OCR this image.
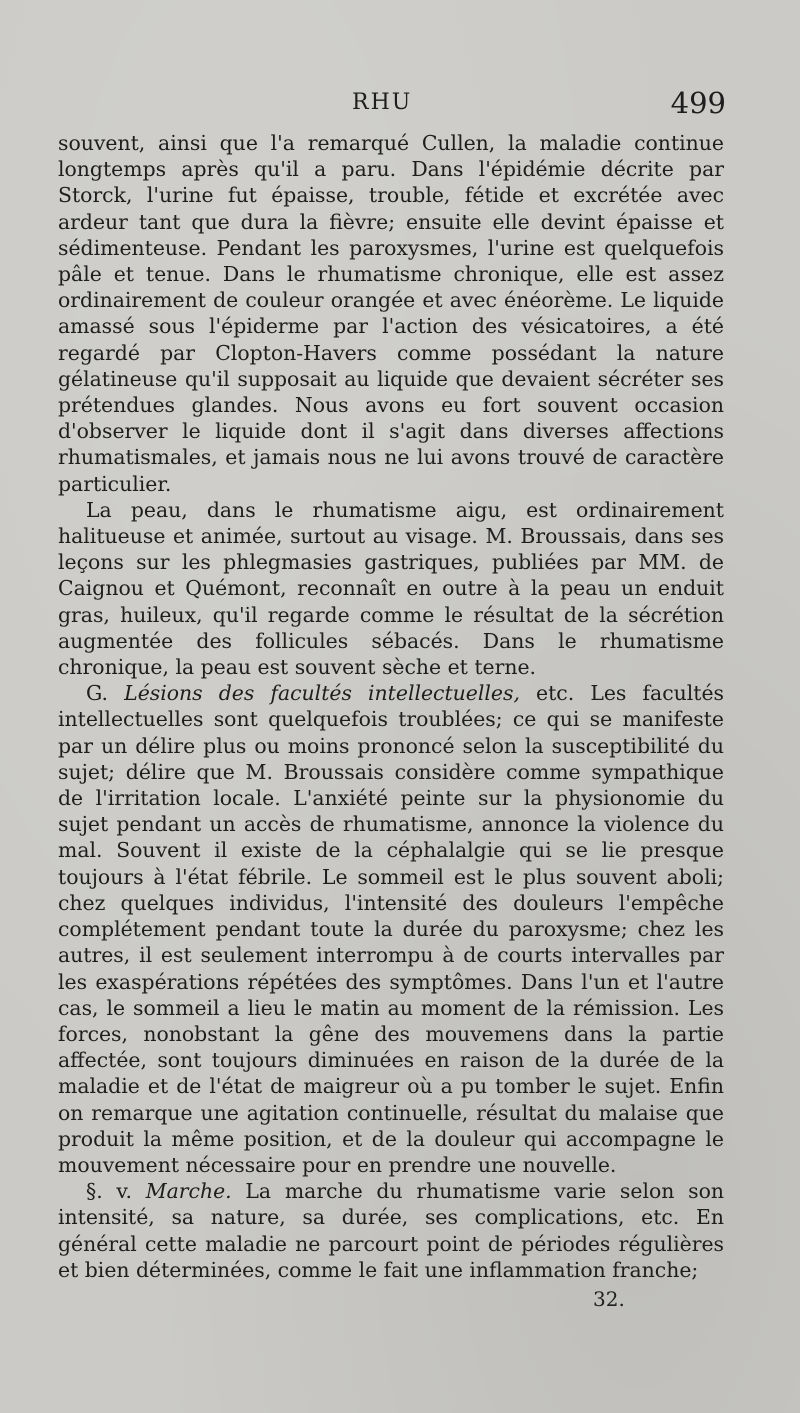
RHU	499

souvent, ainsi que l'a remarqué Cullen, la maladie continue longtemps après qu'il a paru. Dans l'épidémie décrite par Storck, l'urine fut épaisse, trouble, fétide et excrétée avec ardeur tant que dura la fièvre; ensuite elle devint épaisse et sédimenteuse. Pendant les paroxysmes, l'urine est quelquefois pâle et tenue. Dans le rhumatisme chronique, elle est assez ordinairement de couleur orangée et avec énéorème. Le liquide amassé sous l'épiderme par l'action des vésicatoires, a été regardé par Clopton-Havers comme possédant la nature gélatineuse qu'il supposait au liquide que devaient sécréter ses prétendues glandes. Nous avons eu fort souvent occasion d'observer le liquide dont il s'agit dans diverses affections rhumatismales, et jamais nous ne lui avons trouvé de caractère particulier.

La peau, dans le rhumatisme aigu, est ordinairement halitueuse et animée, surtout au visage. M. Broussais, dans ses leçons sur les phlegmasies gastriques, publiées par MM. de Caignou et Quémont, reconnaît en outre à la peau un enduit gras, huileux, qu'il regarde comme le résultat de la sécrétion augmentée des follicules sébacés. Dans le rhumatisme chronique, la peau est souvent sèche et terne.

G. Lésions des facultés intellectuelles, etc. Les facultés intellectuelles sont quelquefois troublées; ce qui se manifeste par un délire plus ou moins prononcé selon la susceptibilité du sujet; délire que M. Broussais considère comme sympathique de l'irritation locale. L'anxiété peinte sur la physionomie du sujet pendant un accès de rhumatisme, annonce la violence du mal. Souvent il existe de la céphalalgie qui se lie presque toujours à l'état fébrile. Le sommeil est le plus souvent aboli; chez quelques individus, l'intensité des douleurs l'empêche complétement pendant toute la durée du paroxysme; chez les autres, il est seulement interrompu à de courts intervalles par les exaspérations répétées des symptômes. Dans l'un et l'autre cas, le sommeil a lieu le matin au moment de la rémission. Les forces, nonobstant la gêne des mouvemens dans la partie affectée, sont toujours diminuées en raison de la durée de la maladie et de l'état de maigreur où a pu tomber le sujet. Enfin on remarque une agitation continuelle, résultat du malaise que produit la même position, et de la douleur qui accompagne le mouvement nécessaire pour en prendre une nouvelle.

§. v. Marche. La marche du rhumatisme varie selon son intensité, sa nature, sa durée, ses complications, etc. En général cette maladie ne parcourt point de périodes régulières et bien déterminées, comme le fait une inflammation franche;

32.
